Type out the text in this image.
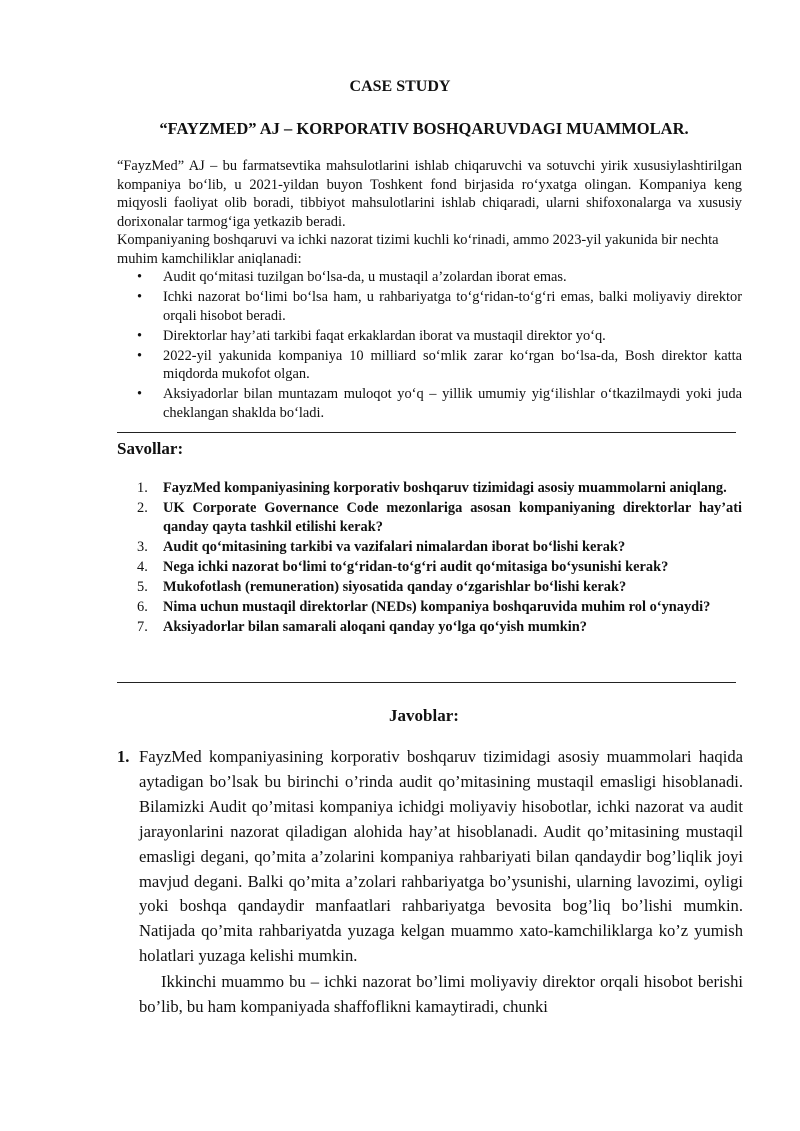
CASE STUDY
“FAYZMED” AJ – KORPORATIV BOSHQARUVDAGI MUAMMOLAR.

“FayzMed” AJ – bu farmatsevtika mahsulotlarini ishlab chiqaruvchi va sotuvchi yirik xususiylashtirilgan kompaniya bo‘lib, u 2021-yildan buyon Toshkent fond birjasida ro‘yxatga olingan. Kompaniya keng miqyosli faoliyat olib boradi, tibbiyot mahsulotlarini ishlab chiqaradi, ularni shifoxonalarga va xususiy dorixonalar tarmog‘iga yetkazib beradi.

Kompaniyaning boshqaruvi va ichki nazorat tizimi kuchli ko‘rinadi, ammo 2023-yil yakunida bir nechta muhim kamchiliklar aniqlanadi:

• Audit qo‘mitasi tuzilgan bo‘lsa-da, u mustaqil a’zolardan iborat emas.
• Ichki nazorat bo‘limi bo‘lsa ham, u rahbariyatga to‘g‘ridan-to‘g‘ri emas, balki moliyaviy direktor orqali hisobot beradi.
• Direktorlar hay’ati tarkibi faqat erkaklardan iborat va mustaqil direktor yo‘q.
• 2022-yil yakunida kompaniya 10 milliard so‘mlik zarar ko‘rgan bo‘lsa-da, Bosh direktor katta miqdorda mukofot olgan.
• Aksiyadorlar bilan muntazam muloqot yo‘q – yillik umumiy yig‘ilishlar o‘tkazilmaydi yoki juda cheklangan shaklda bo‘ladi.
Savollar:
1. FayzMed kompaniyasining korporativ boshqaruv tizimidagi asosiy muammolarni aniqlang.
2. UK Corporate Governance Code mezonlariga asosan kompaniyaning direktorlar hay’ati qanday qayta tashkil etilishi kerak?
3. Audit qo‘mitasining tarkibi va vazifalari nimalardan iborat bo‘lishi kerak?
4. Nega ichki nazorat bo‘limi to‘g‘ridan-to‘g‘ri audit qo‘mitasiga bo‘ysunishi kerak?
5. Mukofotlash (remuneration) siyosatida qanday o‘zgarishlar bo‘lishi kerak?
6. Nima uchun mustaqil direktorlar (NEDs) kompaniya boshqaruvida muhim rol o‘ynaydi?
7. Aksiyadorlar bilan samarali aloqani qanday yo‘lga qo‘yish mumkin?
Javoblar:
1. FayzMed kompaniyasining korporativ boshqaruv tizimidagi asosiy muammolari haqida aytadigan bo’lsak bu birinchi o’rinda audit qo’mitasining mustaqil emasligi hisoblanadi. Bilamizki Audit qo’mitasi kompaniya ichidgi moliyaviy hisobotlar, ichki nazorat va audit jarayonlarini nazorat qiladigan alohida hay’at hisoblanadi. Audit qo’mitasining mustaqil emasligi degani, qo’mita a’zolarini kompaniya rahbariyati bilan qandaydir bog’liqlik joyi mavjud degani. Balki qo’mita a’zolari rahbariyatga bo’ysunishi, ularning lavozimi, oyligi yoki boshqa qandaydir manfaatlari rahbariyatga bevosita bog’liq bo’lishi mumkin. Natijada qo’mita rahbariyatda yuzaga kelgan muammo xato-kamchiliklarga ko’z yumish holatlari yuzaga kelishi mumkin.

Ikkinchi muammo bu – ichki nazorat bo’limi moliyaviy direktor orqali hisobot berishi bo’lib, bu ham kompaniyada shaffoflikni kamaytiradi, chunki
